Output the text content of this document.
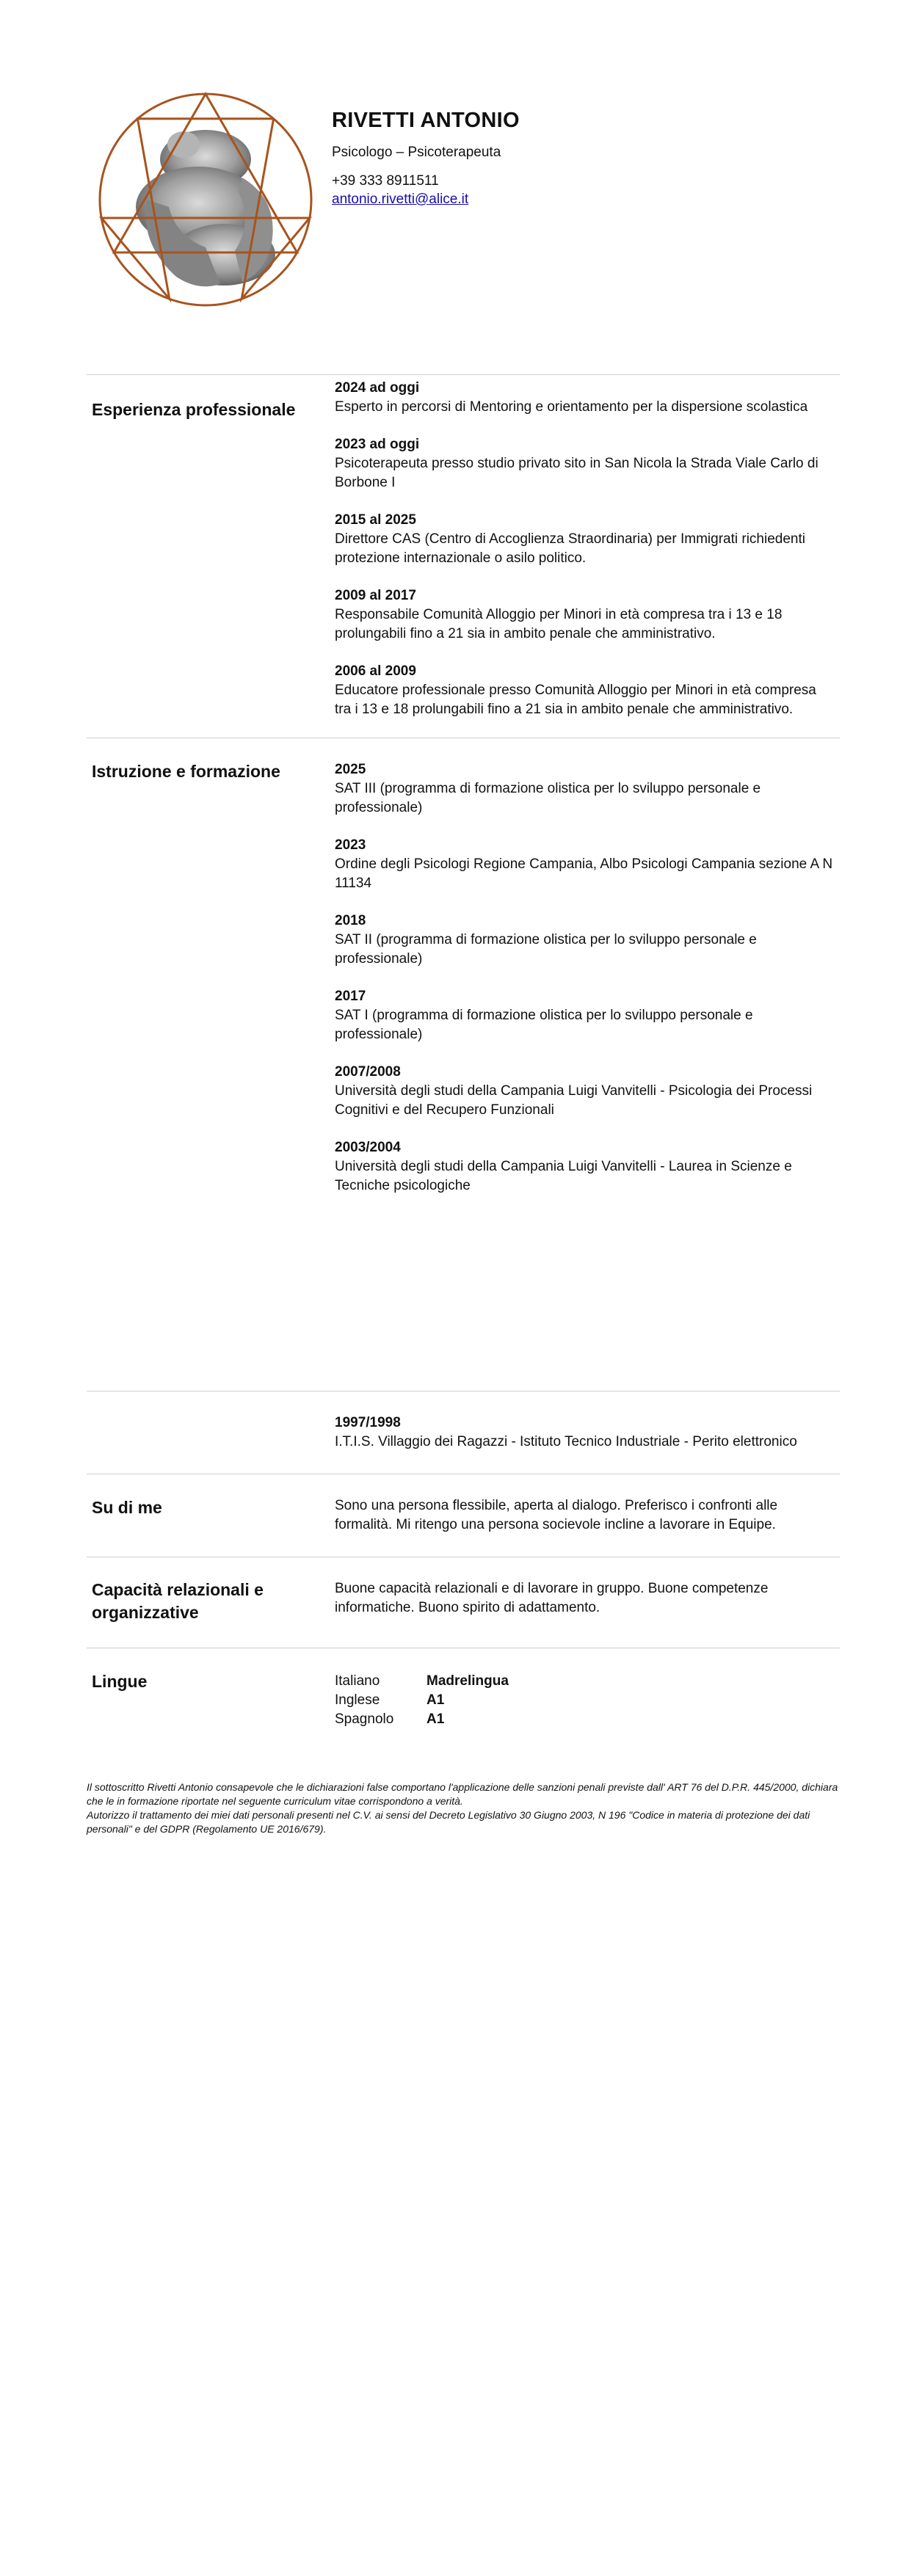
RIVETTI ANTONIO
Psicologo – Psicoterapeuta
+39 333 8911511
antonio.rivetti@alice.it
Esperienza professionale
2024 ad oggi
Esperto in percorsi di Mentoring e orientamento per la dispersione scolastica
2023 ad oggi
Psicoterapeuta presso studio privato sito in San Nicola la Strada Viale Carlo di Borbone I
2015 al 2025
Direttore CAS (Centro di Accoglienza Straordinaria) per Immigrati richiedenti protezione internazionale o asilo politico.
2009 al 2017
Responsabile Comunità Alloggio per Minori in età compresa tra i 13 e 18 prolungabili fino a 21 sia in ambito penale che amministrativo.
2006 al 2009
Educatore professionale presso Comunità Alloggio per Minori in età compresa tra i 13 e 18 prolungabili fino a 21 sia in ambito penale che amministrativo.
Istruzione e formazione	2025
SAT III (programma di formazione olistica per lo sviluppo personale e professionale)
2023
Ordine degli Psicologi Regione Campania, Albo Psicologi Campania sezione A N 11134
2018
SAT II (programma di formazione olistica per lo sviluppo personale e professionale)
2017
SAT I (programma di formazione olistica per lo sviluppo personale e professionale)
2007/2008
Università degli studi della Campania Luigi Vanvitelli - Psicologia dei Processi Cognitivi e del Recupero Funzionali
2003/2004
Università degli studi della Campania Luigi Vanvitelli - Laurea in Scienze e Tecniche psicologiche
1997/1998
I.T.I.S. Villaggio dei Ragazzi - Istituto Tecnico Industriale - Perito elettronico
Su di me	Sono una persona flessibile, aperta al dialogo. Preferisco i confronti alle formalità. Mi ritengo una persona socievole incline a lavorare in Equipe.
Capacità relazionali e organizzative
Buone capacità relazionali e di lavorare in gruppo. Buone competenze informatiche. Buono spirito di adattamento.
Lingue	Italiano	Madrelingua
Inglese	A1
Spagnolo	A1
Il sottoscritto Rivetti Antonio consapevole che le dichiarazioni false comportano l'applicazione delle sanzioni penali previste dall' ART 76 del D.P.R. 445/2000, dichiara che le in formazione riportate nel seguente curriculum vitae corrispondono a verità.
Autorizzo il trattamento dei miei dati personali presenti nel C.V. ai sensi del Decreto Legislativo 30 Giugno 2003, N 196 "Codice in materia di protezione dei dati personali" e del GDPR (Regolamento UE 2016/679).
